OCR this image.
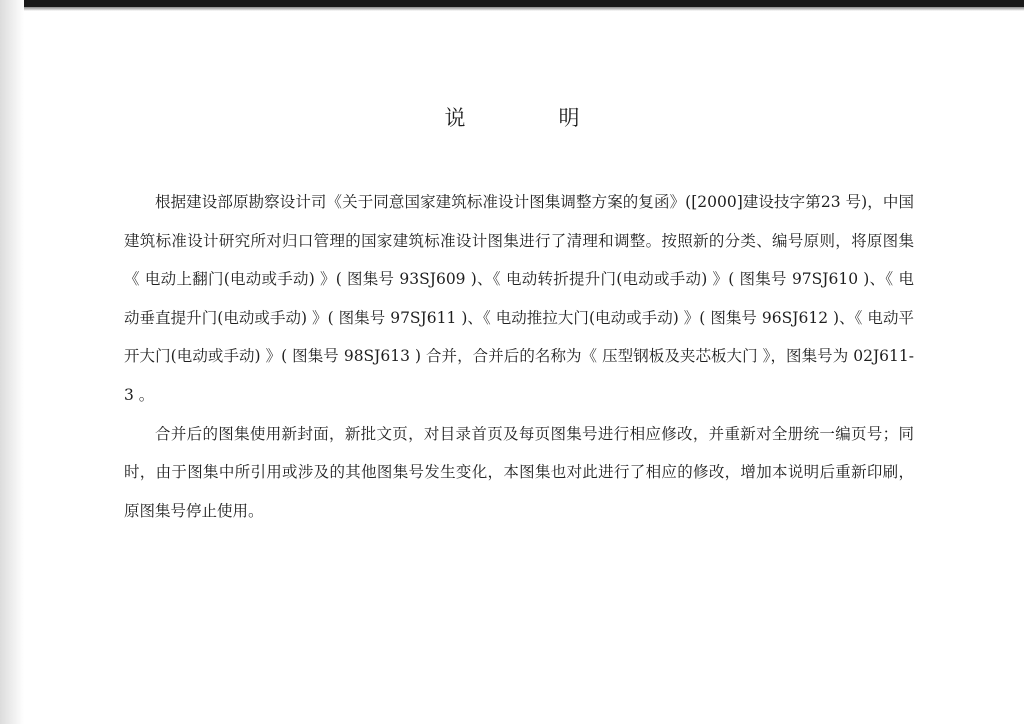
说　明

根据建设部原勘察设计司《关于同意国家建筑标准设计图集调整方案的复函》([2000]建设技字第23 号)，中国建筑标准设计研究所对归口管理的国家建筑标准设计图集进行了清理和调整。按照新的分类、编号原则，将原图集《 电动上翻门(电动或手动) 》( 图集号 93SJ609 )、《 电动转折提升门(电动或手动) 》( 图集号 97SJ610 )、《 电动垂直提升门(电动或手动) 》( 图集号 97SJ611 )、《 电动推拉大门(电动或手动) 》( 图集号 96SJ612 )、《 电动平开大门(电动或手动) 》( 图集号 98SJ613 ) 合并，合并后的名称为《 压型钢板及夹芯板大门 》，图集号为 02J611-3 。

合并后的图集使用新封面，新批文页，对目录首页及每页图集号进行相应修改，并重新对全册统一编页号；同时，由于图集中所引用或涉及的其他图集号发生变化，本图集也对此进行了相应的修改，增加本说明后重新印刷，原图集号停止使用。
